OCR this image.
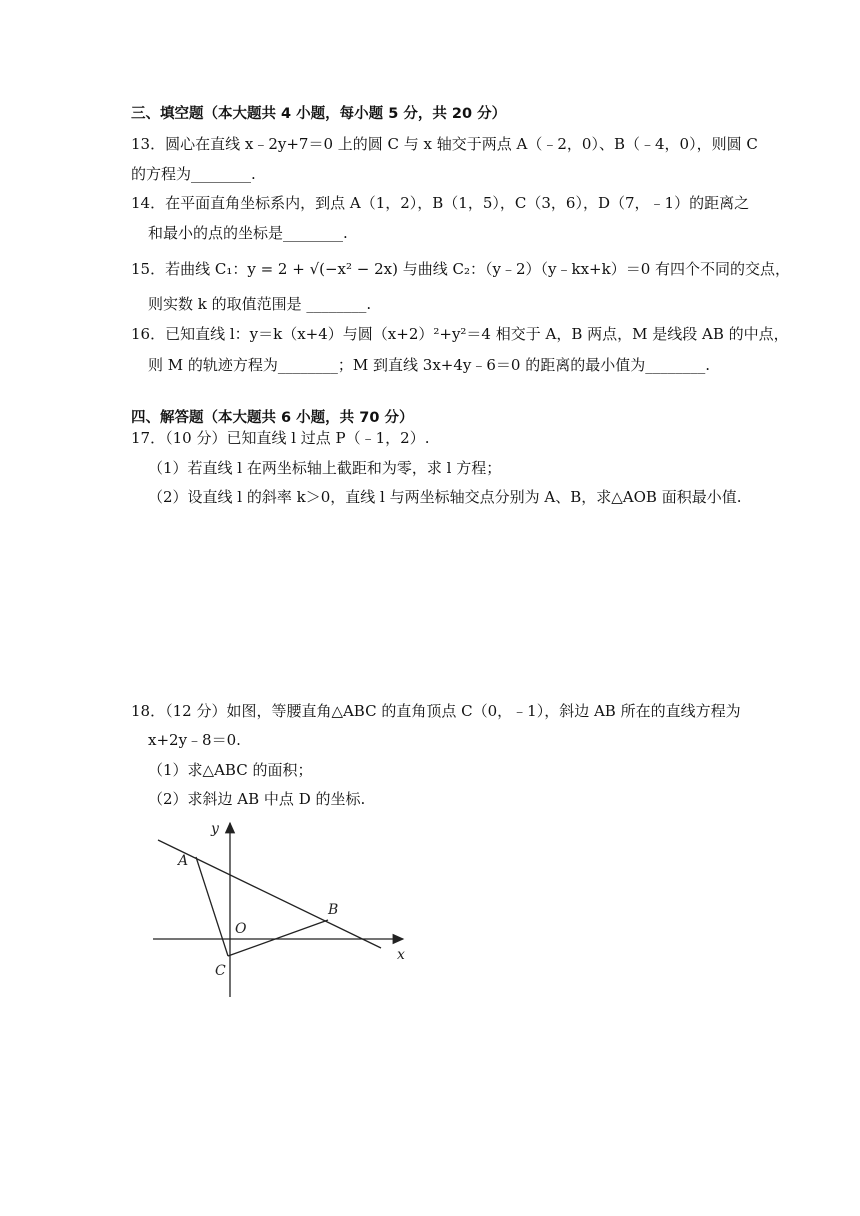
三、填空题（本大题共 4 小题，每小题 5 分，共 20 分）
13．圆心在直线 x﹣2y+7＝0 上的圆 C 与 x 轴交于两点 A（﹣2，0）、B（﹣4，0），则圆 C
的方程为________.
14．在平面直角坐标系内，到点 A（1，2），B（1，5），C（3，6），D（7，﹣1）的距离之
和最小的点的坐标是________.
15．若曲线 C₁：y = 2 + √(−x² − 2x) 与曲线 C₂：（y﹣2）（y﹣kx+k）＝0 有四个不同的交点，
则实数 k 的取值范围是 ________.
16．已知直线 l：y＝k（x+4）与圆（x+2）²+y²＝4 相交于 A，B 两点，M 是线段 AB 的中点，
则 M 的轨迹方程为________；M 到直线 3x+4y﹣6＝0 的距离的最小值为________.
四、解答题（本大题共 6 小题，共 70 分）
17．（10 分）已知直线 l 过点 P（﹣1，2）.
（1）若直线 l 在两坐标轴上截距和为零，求 l 方程；
（2）设直线 l 的斜率 k＞0，直线 l 与两坐标轴交点分别为 A、B，求△AOB 面积最小值.
18．（12 分）如图，等腰直角△ABC 的直角顶点 C（0，﹣1），斜边 AB 所在的直线方程为
x+2y﹣8＝0.
（1）求△ABC 的面积；
（2）求斜边 AB 中点 D 的坐标.
y
x
A
B
O
C
